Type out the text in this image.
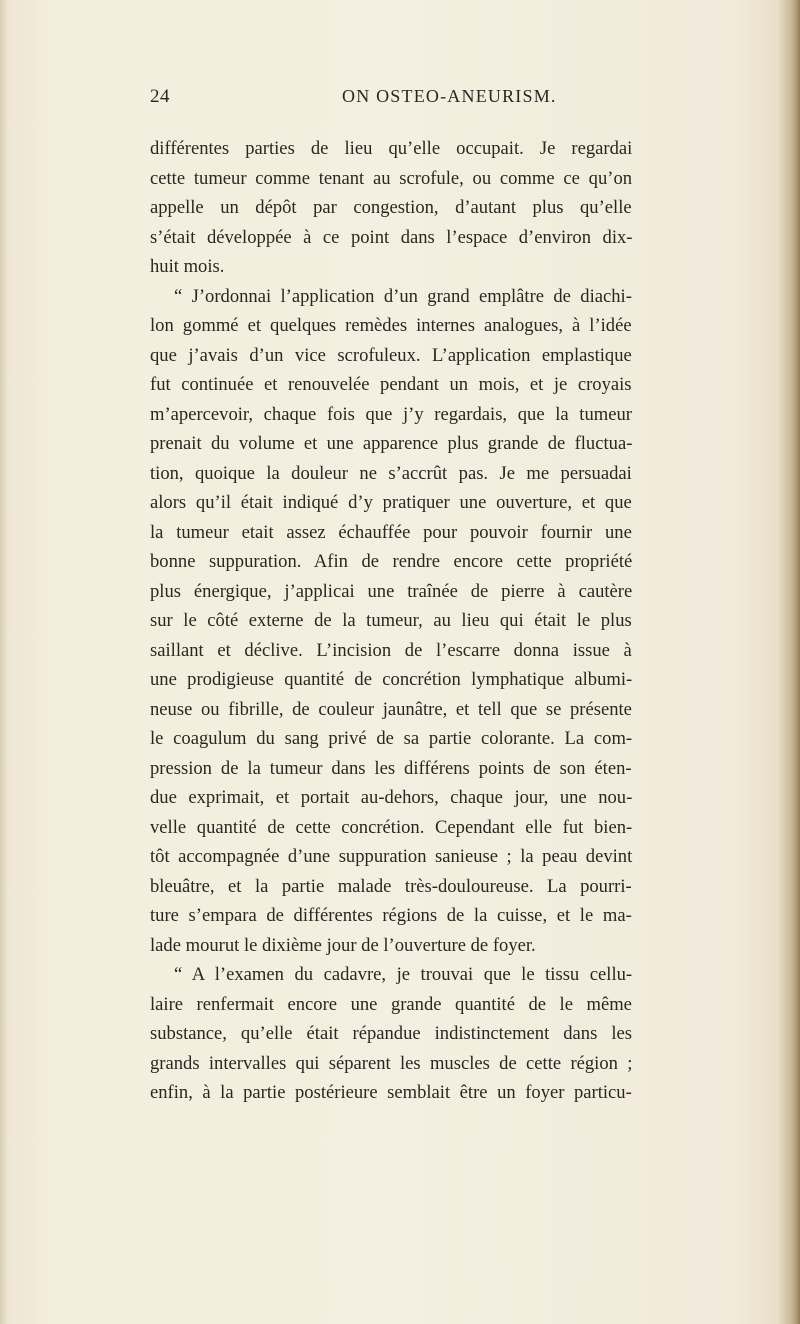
24	ON OSTEO-ANEURISM.
différentes parties de lieu qu’elle occupait. Je regardai
cette tumeur comme tenant au scrofule, ou comme ce qu’on
appelle un dépôt par congestion, d’autant plus qu’elle
s’était développée à ce point dans l’espace d’environ dix-
huit mois.
“ J’ordonnai l’application d’un grand emplâtre de diachi-
lon gommé et quelques remèdes internes analogues, à l’idée
que j’avais d’un vice scrofuleux. L’application emplastique
fut continuée et renouvelée pendant un mois, et je croyais
m’apercevoir, chaque fois que j’y regardais, que la tumeur
prenait du volume et une apparence plus grande de fluctua-
tion, quoique la douleur ne s’accrût pas. Je me persuadai
alors qu’il était indiqué d’y pratiquer une ouverture, et que
la tumeur etait assez échauffée pour pouvoir fournir une
bonne suppuration. Afin de rendre encore cette propriété
plus énergique, j’applicai une traînée de pierre à cautère
sur le côté externe de la tumeur, au lieu qui était le plus
saillant et déclive. L’incision de l’escarre donna issue à
une prodigieuse quantité de concrétion lymphatique albumi-
neuse ou fibrille, de couleur jaunâtre, et tell que se présente
le coagulum du sang privé de sa partie colorante. La com-
pression de la tumeur dans les différens points de son éten-
due exprimait, et portait au-dehors, chaque jour, une nou-
velle quantité de cette concrétion. Cependant elle fut bien-
tôt accompagnée d’une suppuration sanieuse ; la peau devint
bleuâtre, et la partie malade très-douloureuse. La pourri-
ture s’empara de différentes régions de la cuisse, et le ma-
lade mourut le dixième jour de l’ouverture de foyer.
“ A l’examen du cadavre, je trouvai que le tissu cellu-
laire renfermait encore une grande quantité de le même
substance, qu’elle était répandue indistinctement dans les
grands intervalles qui séparent les muscles de cette région ;
enfin, à la partie postérieure semblait être un foyer particu-
